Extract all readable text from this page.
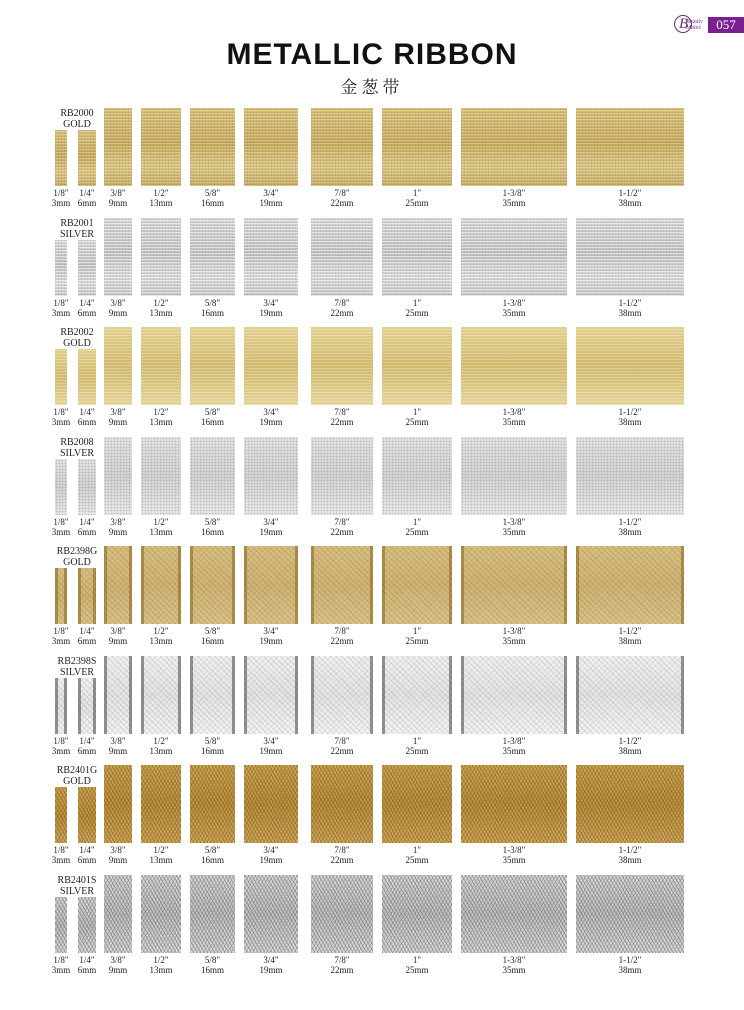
B
Beauty Mates	057
METALLIC RIBBON
金葱带
RB2000
GOLD
1/8"
3mm
1/4"
6mm
3/8"
9mm
1/2"
13mm
5/8"
16mm
3/4"
19mm
7/8"
22mm
1"
25mm
1-3/8"
35mm
1-1/2"
38mm
RB2001
SILVER
1/8"
3mm
1/4"
6mm
3/8"
9mm
1/2"
13mm
5/8"
16mm
3/4"
19mm
7/8"
22mm
1"
25mm
1-3/8"
35mm
1-1/2"
38mm
RB2002
GOLD
1/8"
3mm
1/4"
6mm
3/8"
9mm
1/2"
13mm
5/8"
16mm
3/4"
19mm
7/8"
22mm
1"
25mm
1-3/8"
35mm
1-1/2"
38mm
RB2008
SILVER
1/8"
3mm
1/4"
6mm
3/8"
9mm
1/2"
13mm
5/8"
16mm
3/4"
19mm
7/8"
22mm
1"
25mm
1-3/8"
35mm
1-1/2"
38mm
RB2398G
GOLD
1/8"
3mm
1/4"
6mm
3/8"
9mm
1/2"
13mm
5/8"
16mm
3/4"
19mm
7/8"
22mm
1"
25mm
1-3/8"
35mm
1-1/2"
38mm
RB2398S
SILVER
1/8"
3mm
1/4"
6mm
3/8"
9mm
1/2"
13mm
5/8"
16mm
3/4"
19mm
7/8"
22mm
1"
25mm
1-3/8"
35mm
1-1/2"
38mm
RB2401G
GOLD
1/8"
3mm
1/4"
6mm
3/8"
9mm
1/2"
13mm
5/8"
16mm
3/4"
19mm
7/8"
22mm
1"
25mm
1-3/8"
35mm
1-1/2"
38mm
RB2401S
SILVER
1/8"
3mm
1/4"
6mm
3/8"
9mm
1/2"
13mm
5/8"
16mm
3/4"
19mm
7/8"
22mm
1"
25mm
1-3/8"
35mm
1-1/2"
38mm
